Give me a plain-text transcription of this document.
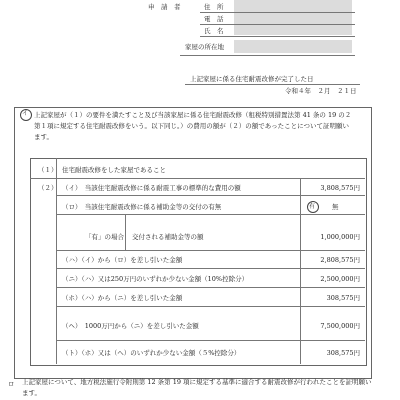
申　請　者	住　所
電　話
氏　名
家屋の所在地
上記家屋に係る住宅耐震改修が完了した日
令和４年　２月　２１日
イ 上記家屋が（１）の要件を満たすこと及び当該家屋に係る住宅耐震改修（租税特別措置法第 41 条の 19 の２第１項に規定する住宅耐震改修をいう。以下同じ。）の費用の額が（２）の額であったことについて証明願います。
（１） 住宅耐震改修をした家屋であること
（２） （イ）　当該住宅耐震改修に係る耐震工事の標準的な費用の額	3,808,575円
（ロ）　当該住宅耐震改修に係る補助金等の交付の有無	有	無
「有」の場合 交付される補助金等の額	1,000,000円
（ハ）（イ）から（ロ）を差し引いた金額	2,808,575円
（ニ）（ハ）又は250万円のいずれか少ない金額（10%控除分）	2,500,000円
（ホ）（ハ）から（ニ）を差し引いた金額	308,575円
（ヘ）　1000万円から（ニ）を差し引いた金額	7,500,000円
（ト）（ホ）又は（へ）のいずれか少ない金額（５%控除分）	308,575円
ロ 上記家屋について、地方税法施行令附則第 12 条第 19 項に規定する基準に適合する耐震改修が行われたことを証明願います。
